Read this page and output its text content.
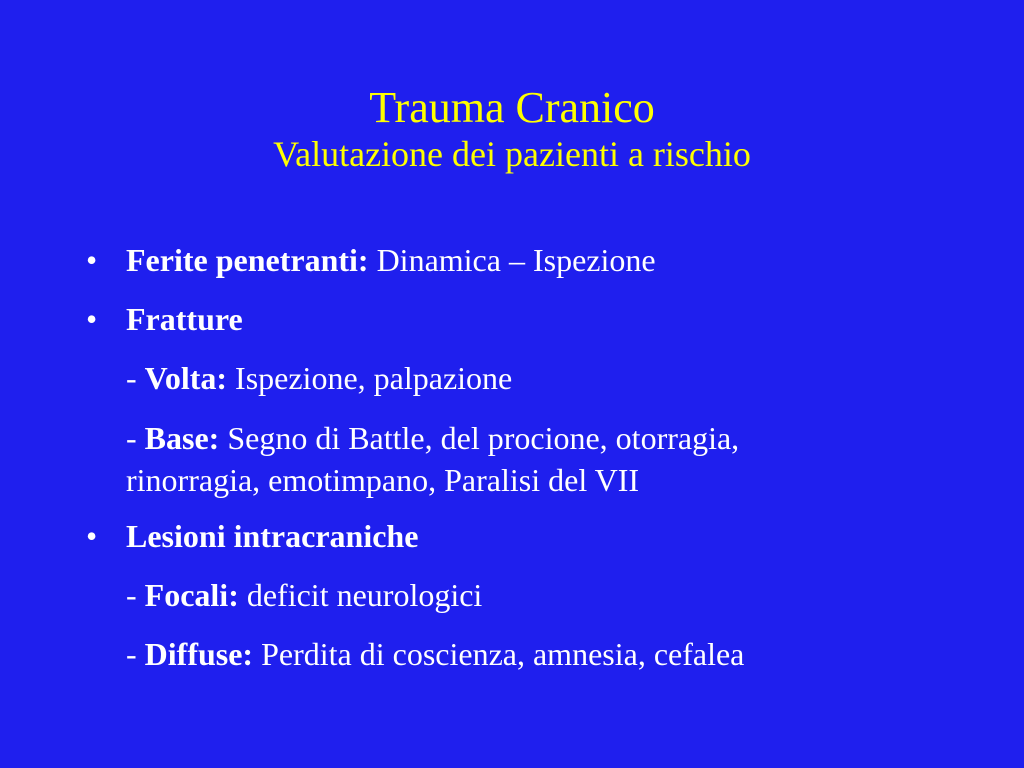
Trauma Cranico
Valutazione dei pazienti a rischio
• Ferite penetranti: Dinamica – Ispezione
• Fratture
- Volta: Ispezione, palpazione
- Base: Segno di Battle, del procione, otorragia,
rinorragia, emotimpano, Paralisi del VII
• Lesioni intracraniche
- Focali: deficit neurologici
- Diffuse: Perdita di coscienza, amnesia, cefalea
